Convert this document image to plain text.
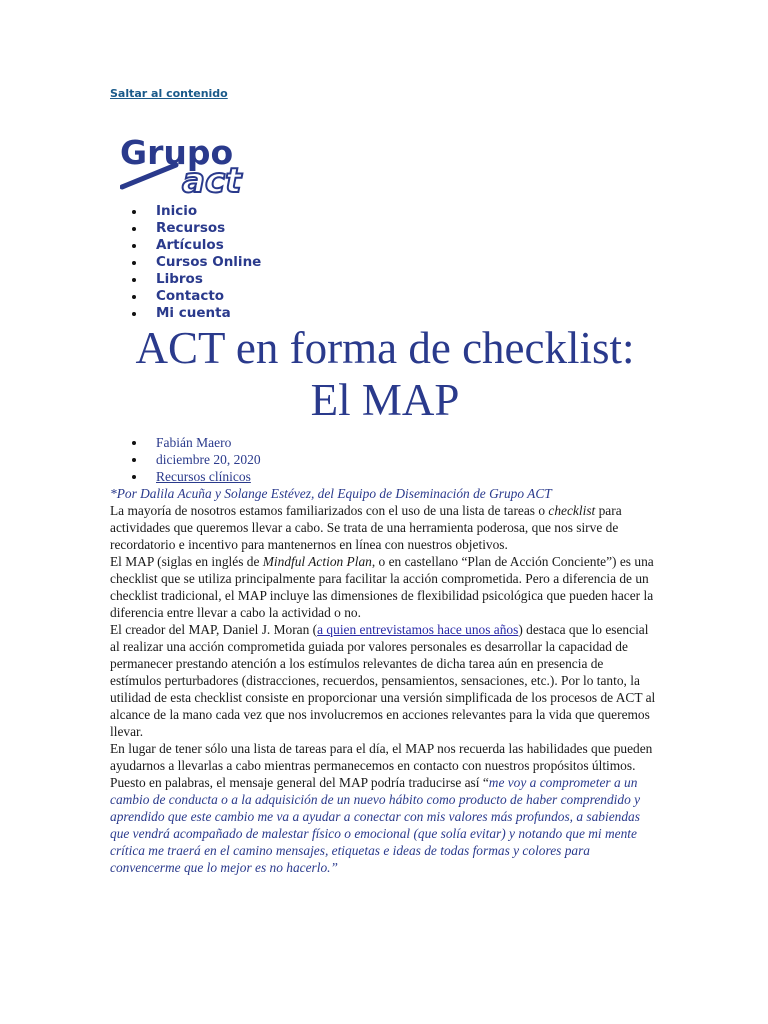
Saltar al contenido
Grupo
act
Inicio
Recursos
Artículos
Cursos Online
Libros
Contacto
Mi cuenta
ACT en forma de checklist: El MAP
Fabián Maero
diciembre 20, 2020
Recursos clínicos

*Por Dalila Acuña y Solange Estévez, del Equipo de Diseminación de Grupo ACT

La mayoría de nosotros estamos familiarizados con el uso de una lista de tareas o checklist para actividades que queremos llevar a cabo. Se trata de una herramienta poderosa, que nos sirve de recordatorio e incentivo para mantenernos en línea con nuestros objetivos.

El MAP (siglas en inglés de Mindful Action Plan, o en castellano “Plan de Acción Conciente”) es una checklist que se utiliza principalmente para facilitar la acción comprometida. Pero a diferencia de un checklist tradicional, el MAP incluye las dimensiones de flexibilidad psicológica que pueden hacer la diferencia entre llevar a cabo la actividad o no.

El creador del MAP, Daniel J. Moran (a quien entrevistamos hace unos años) destaca que lo esencial al realizar una acción comprometida guiada por valores personales es desarrollar la capacidad de permanecer prestando atención a los estímulos relevantes de dicha tarea aún en presencia de estímulos perturbadores (distracciones, recuerdos, pensamientos, sensaciones, etc.). Por lo tanto, la utilidad de esta checklist consiste en proporcionar una versión simplificada de los procesos de ACT al alcance de la mano cada vez que nos involucremos en acciones relevantes para la vida que queremos llevar.

En lugar de tener sólo una lista de tareas para el día, el MAP nos recuerda las habilidades que pueden ayudarnos a llevarlas a cabo mientras permanecemos en contacto con nuestros propósitos últimos. Puesto en palabras, el mensaje general del MAP podría traducirse así “me voy a comprometer a un cambio de conducta o a la adquisición de un nuevo hábito como producto de haber comprendido y aprendido que este cambio me va a ayudar a conectar con mis valores más profundos, a sabiendas que vendrá acompañado de malestar físico o emocional (que solía evitar) y notando que mi mente crítica me traerá en el camino mensajes, etiquetas e ideas de todas formas y colores para convencerme que lo mejor es no hacerlo.”
